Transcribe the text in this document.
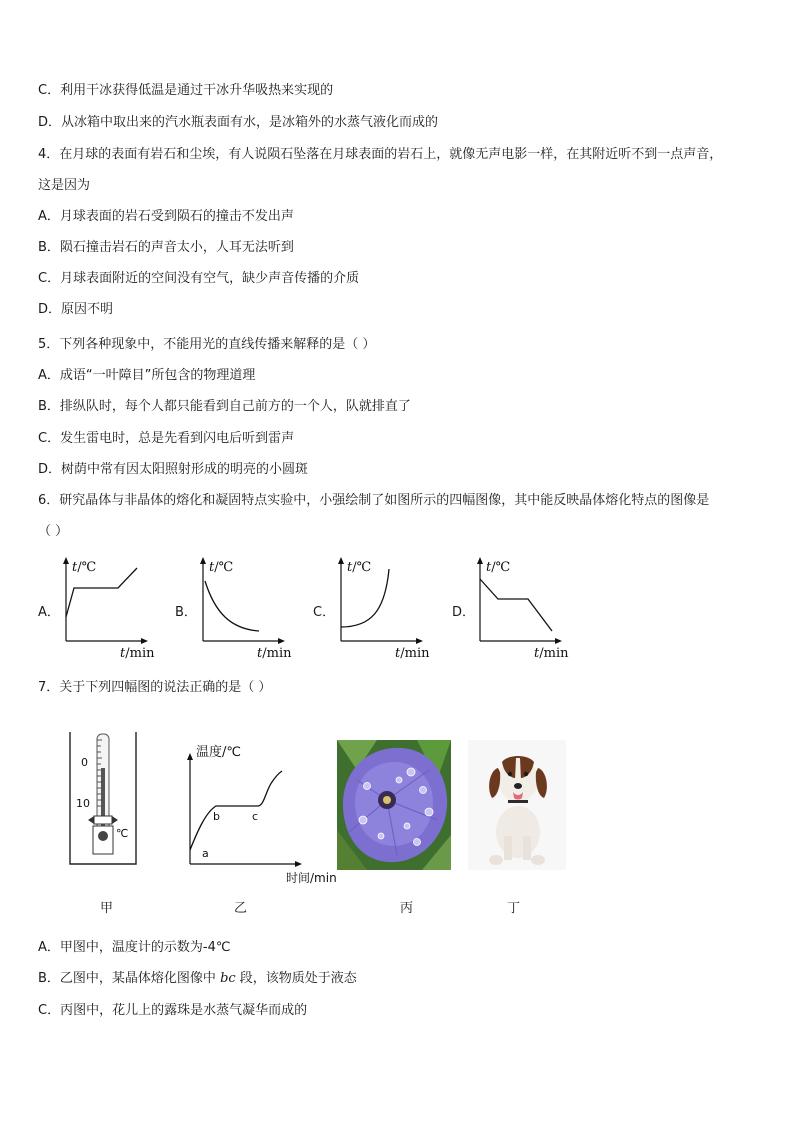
C．利用干冰获得低温是通过干冰升华吸热来实现的
D．从冰箱中取出来的汽水瓶表面有水，是冰箱外的水蒸气液化而成的
4．在月球的表面有岩石和尘埃，有人说陨石坠落在月球表面的岩石上，就像无声电影一样，在其附近听不到一点声音，
这是因为
A．月球表面的岩石受到陨石的撞击不发出声
B．陨石撞击岩石的声音太小，人耳无法听到
C．月球表面附近的空间没有空气，缺少声音传播的介质
D．原因不明
5．下列各种现象中，不能用光的直线传播来解释的是（ ）
A．成语“一叶障目”所包含的物理道理
B．排纵队时，每个人都只能看到自己前方的一个人，队就排直了
C．发生雷电时，总是先看到闪电后听到雷声
D．树荫中常有因太阳照射形成的明亮的小圆斑
6．研究晶体与非晶体的熔化和凝固特点实验中，小强绘制了如图所示的四幅图像，其中能反映晶体熔化特点的图像是
（ ）
A．	B．	C．	D．
t/℃
t/min
t/℃
t/min
t/℃
t/min
t/℃
t/min
7．关于下列四幅图的说法正确的是（ ）
0
10
℃
温度/℃
时间/min
a
b	c
甲	乙	丙	丁
A．甲图中，温度计的示数为-4℃
B．乙图中，某晶体熔化图像中 bc 段，该物质处于液态
C．丙图中，花儿上的露珠是水蒸气凝华而成的
